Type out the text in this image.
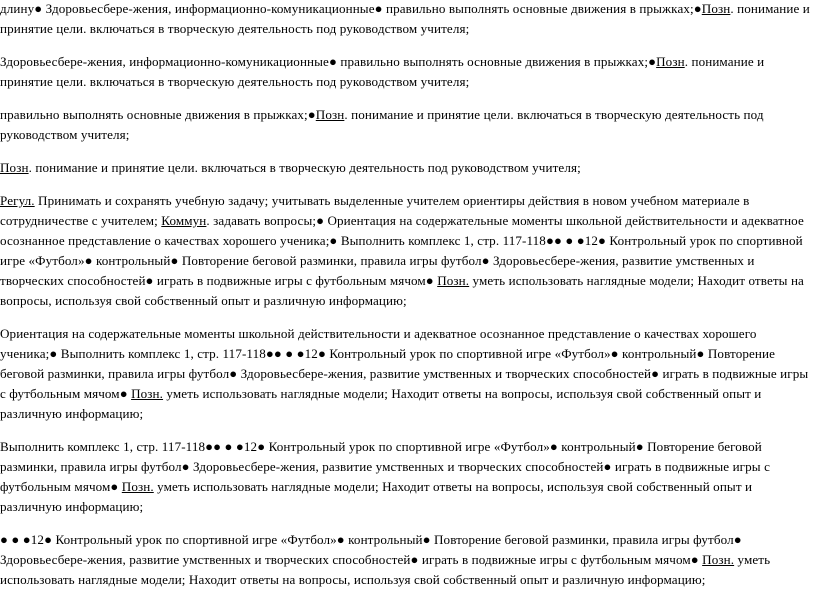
длину● Здоровьесбере-жения, информационно-комуникационные● правильно выполнять основные движения в прыжках;●Позн. понимание и принятие цели. включаться в творческую деятельность под руководством учителя;

Здоровьесбере-жения, информационно-комуникационные● правильно выполнять основные движения в прыжках;●Позн. понимание и принятие цели. включаться в творческую деятельность под руководством учителя;

правильно выполнять основные движения в прыжках;●Позн. понимание и принятие цели. включаться в творческую деятельность под руководством учителя;

Позн. понимание и принятие цели. включаться в творческую деятельность под руководством учителя;

Регул. Принимать и сохранять учебную задачу; учитывать выделенные учителем ориентиры действия в новом учебном материале в сотрудничестве с учителем; Коммун. задавать вопросы;● Ориентация на содержательные моменты школьной действительности и адекватное осознанное представление о качествах хорошего ученика;● Выполнить комплекс 1, стр. 117-118●● ● ●12● Контрольный урок по спортивной игре «Футбол»● контрольный● Повторение беговой разминки, правила игры футбол● Здоровьесбере-жения, развитие умственных и творческих способностей● играть в подвижные игры с футбольным мячом● Позн. уметь использовать наглядные модели; Находит ответы на вопросы, используя свой собственный опыт и различную информацию;

Ориентация на содержательные моменты школьной действительности и адекватное осознанное представление о качествах хорошего ученика;● Выполнить комплекс 1, стр. 117-118●● ● ●12● Контрольный урок по спортивной игре «Футбол»● контрольный● Повторение беговой разминки, правила игры футбол● Здоровьесбере-жения, развитие умственных и творческих способностей● играть в подвижные игры с футбольным мячом● Позн. уметь использовать наглядные модели; Находит ответы на вопросы, используя свой собственный опыт и различную информацию;

Выполнить комплекс 1, стр. 117-118●● ● ●12● Контрольный урок по спортивной игре «Футбол»● контрольный● Повторение беговой разминки, правила игры футбол● Здоровьесбере-жения, развитие умственных и творческих способностей● играть в подвижные игры с футбольным мячом● Позн. уметь использовать наглядные модели; Находит ответы на вопросы, используя свой собственный опыт и различную информацию;

● ● ●12● Контрольный урок по спортивной игре «Футбол»● контрольный● Повторение беговой разминки, правила игры футбол● Здоровьесбере-жения, развитие умственных и творческих способностей● играть в подвижные игры с футбольным мячом● Позн. уметь использовать наглядные модели; Находит ответы на вопросы, используя свой собственный опыт и различную информацию;
